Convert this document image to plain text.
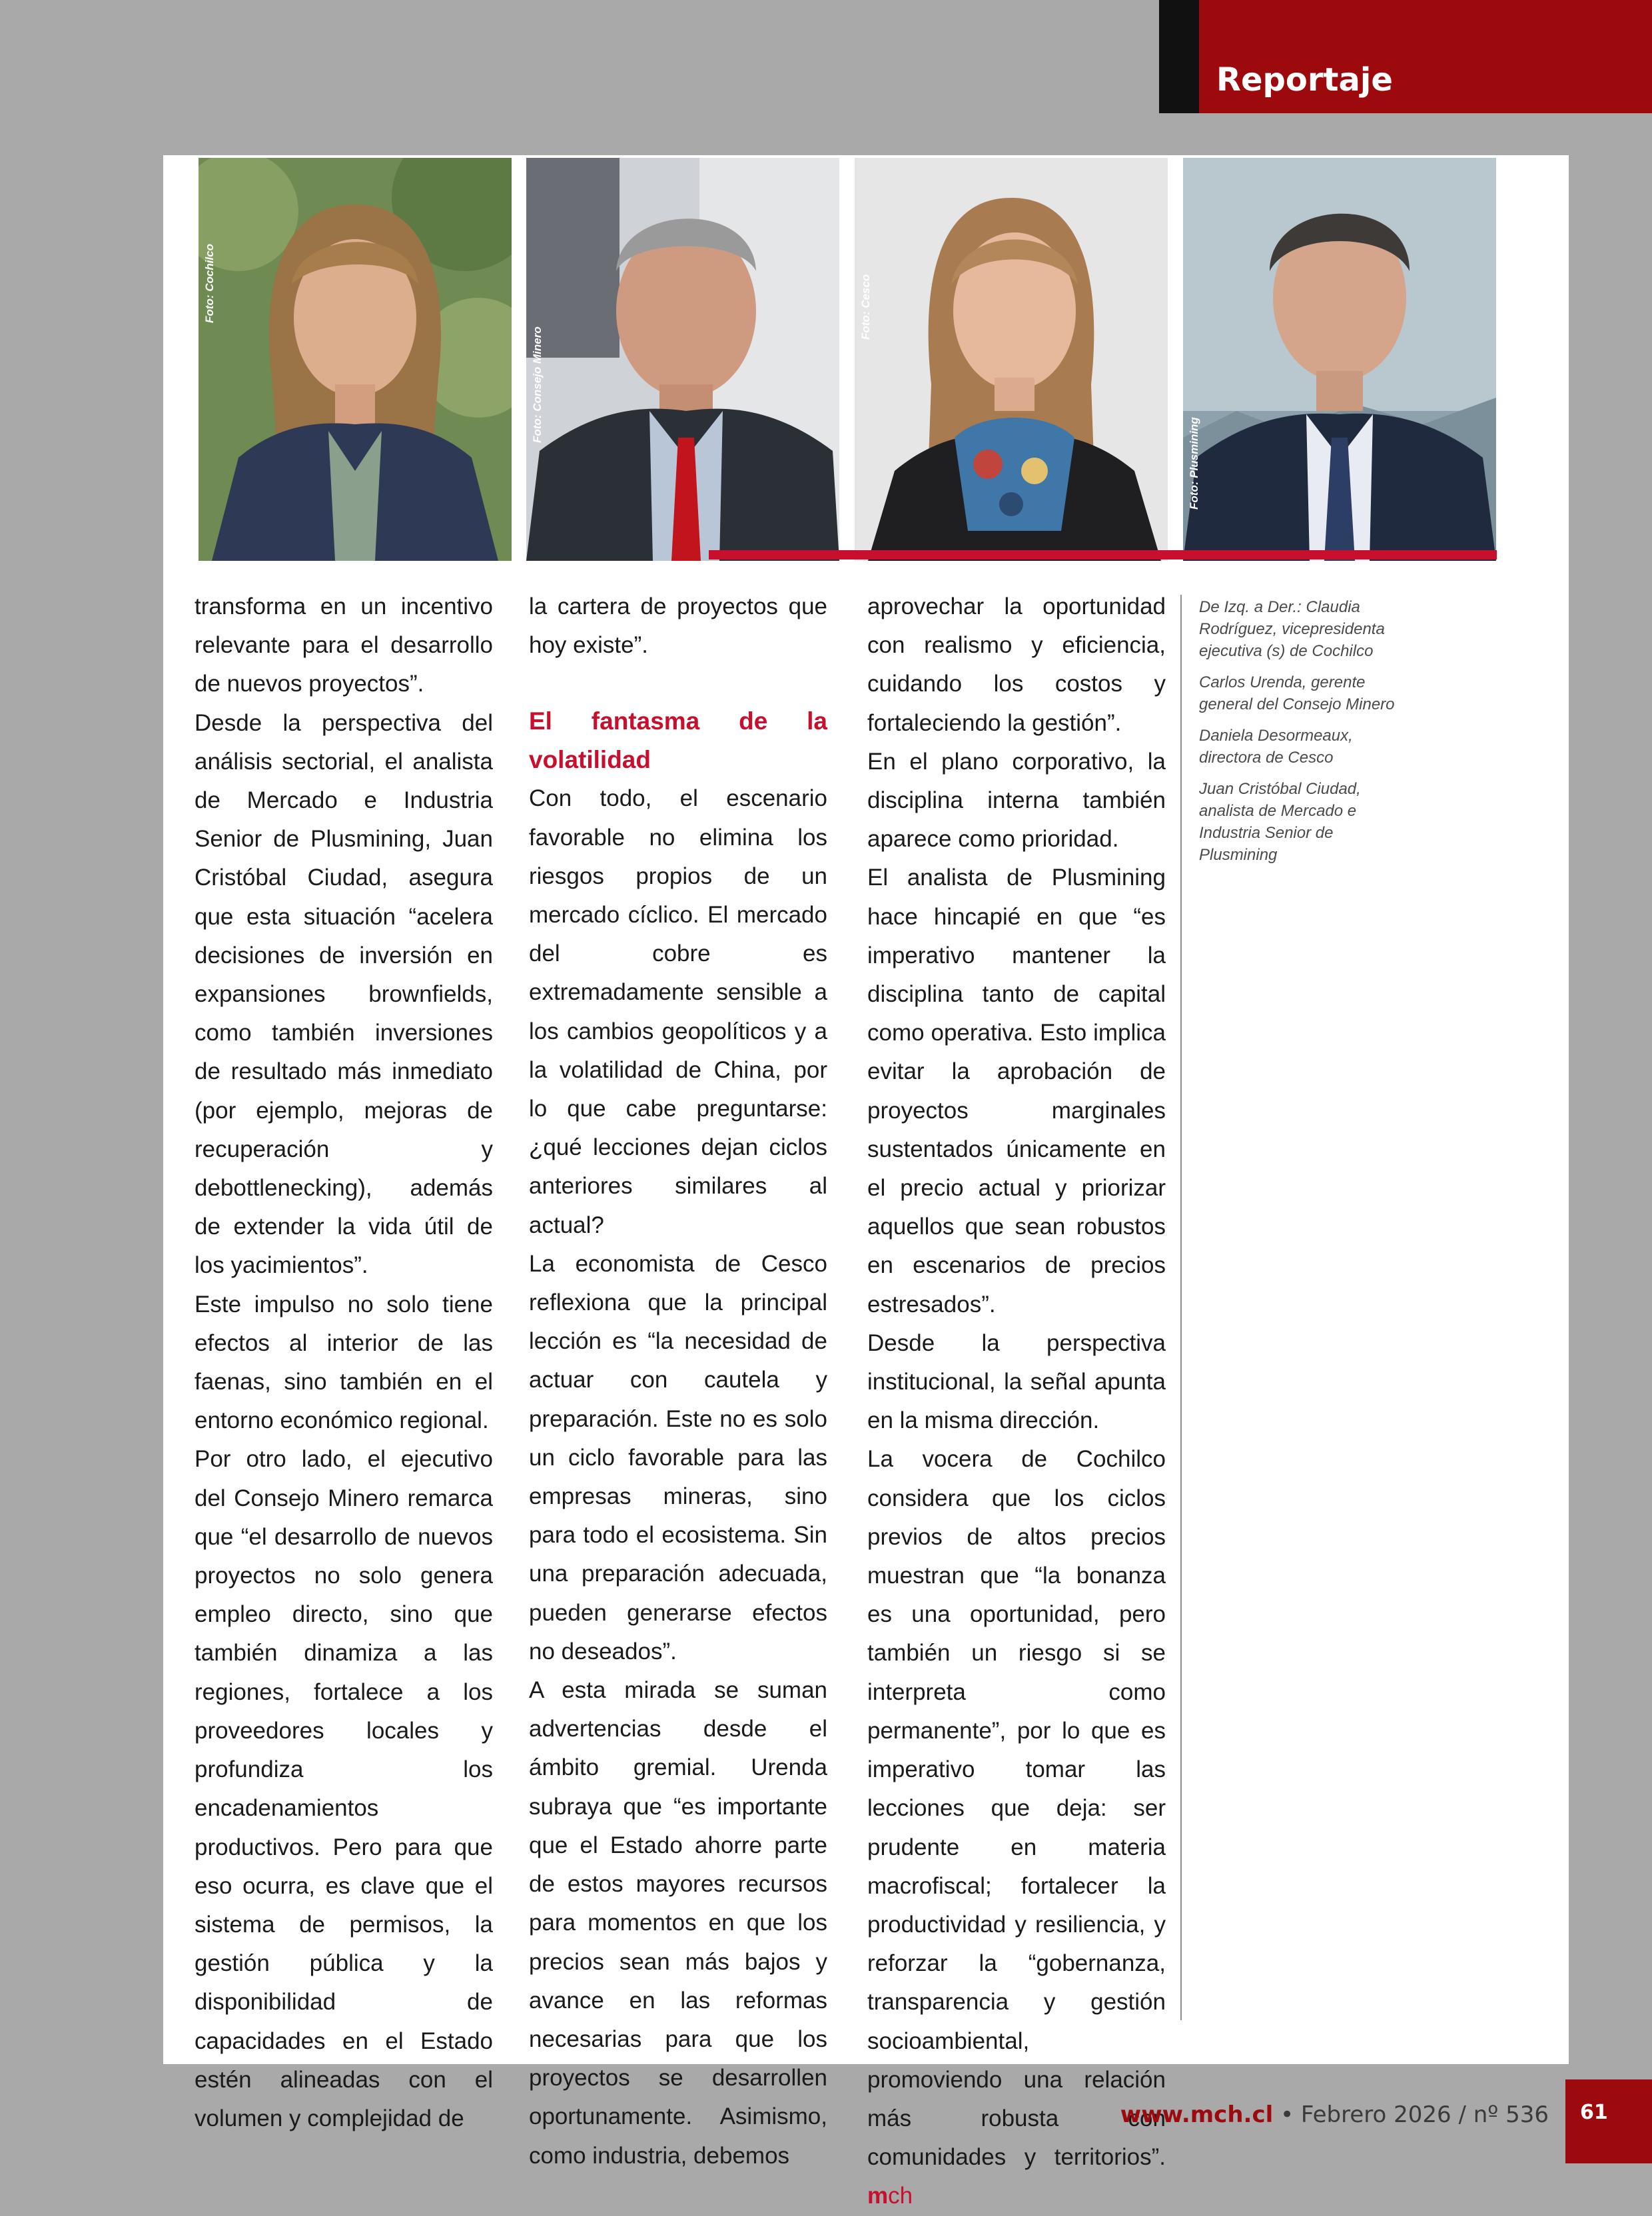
Reportaje
Foto: Cochilco
Foto: Consejo Minero
Foto: Cesco
Foto: Plusmining

transforma en un incentivo relevante para el desarrollo de nuevos proyectos”.

Desde la perspectiva del análisis sectorial, el analista de Mercado e Industria Senior de Plusmining, Juan Cristóbal Ciudad, asegura que esta situación “acelera decisiones de inversión en expansiones brownfields, como también inversiones de resultado más inmediato (por ejemplo, mejoras de recuperación y debottlenecking), además de extender la vida útil de los yacimientos”.

Este impulso no solo tiene efectos al interior de las faenas, sino también en el entorno económico regional.

Por otro lado, el ejecutivo del Consejo Minero remarca que “el desarrollo de nuevos proyectos no solo genera empleo directo, sino que también dinamiza a las regiones, fortalece a los proveedores locales y profundiza los encadenamientos productivos. Pero para que eso ocurra, es clave que el sistema de permisos, la gestión pública y la disponibilidad de capacidades en el Estado estén alineadas con el volumen y complejidad de

la cartera de proyectos que hoy existe”.

El fantasma de la volatilidad

Con todo, el escenario favorable no elimina los riesgos propios de un mercado cíclico. El mercado del cobre es extremadamente sensible a los cambios geopolíticos y a la volatilidad de China, por lo que cabe preguntarse: ¿qué lecciones dejan ciclos anteriores similares al actual?

La economista de Cesco reflexiona que la principal lección es “la necesidad de actuar con cautela y preparación. Este no es solo un ciclo favorable para las empresas mineras, sino para todo el ecosistema. Sin una preparación adecuada, pueden generarse efectos no deseados”.

A esta mirada se suman advertencias desde el ámbito gremial. Urenda subraya que “es importante que el Estado ahorre parte de estos mayores recursos para momentos en que los precios sean más bajos y avance en las reformas necesarias para que los proyectos se desarrollen oportunamente. Asimismo, como industria, debemos

aprovechar la oportunidad con realismo y eficiencia, cuidando los costos y fortaleciendo la gestión”.

En el plano corporativo, la disciplina interna también aparece como prioridad.

El analista de Plusmining hace hincapié en que “es imperativo mantener la disciplina tanto de capital como operativa. Esto implica evitar la aprobación de proyectos marginales sustentados únicamente en el precio actual y priorizar aquellos que sean robustos en escenarios de precios estresados”.

Desde la perspectiva institucional, la señal apunta en la misma dirección.

La vocera de Cochilco considera que los ciclos previos de altos precios muestran que “la bonanza es una oportunidad, pero también un riesgo si se interpreta como permanente”, por lo que es imperativo tomar las lecciones que deja: ser prudente en materia macrofiscal; fortalecer la productividad y resiliencia, y reforzar la “gobernanza, transparencia y gestión socioambiental, promoviendo una relación más robusta con comunidades y territorios”. mch

De Izq. a Der.: Claudia Rodríguez, vicepresidenta ejecutiva (s) de Cochilco

Carlos Urenda, gerente general del Consejo Minero

Daniela Desormeaux, directora de Cesco

Juan Cristóbal Ciudad, analista de Mercado e Industria Senior de Plusmining

www.mch.cl • Febrero 2026 / nº 536 61
